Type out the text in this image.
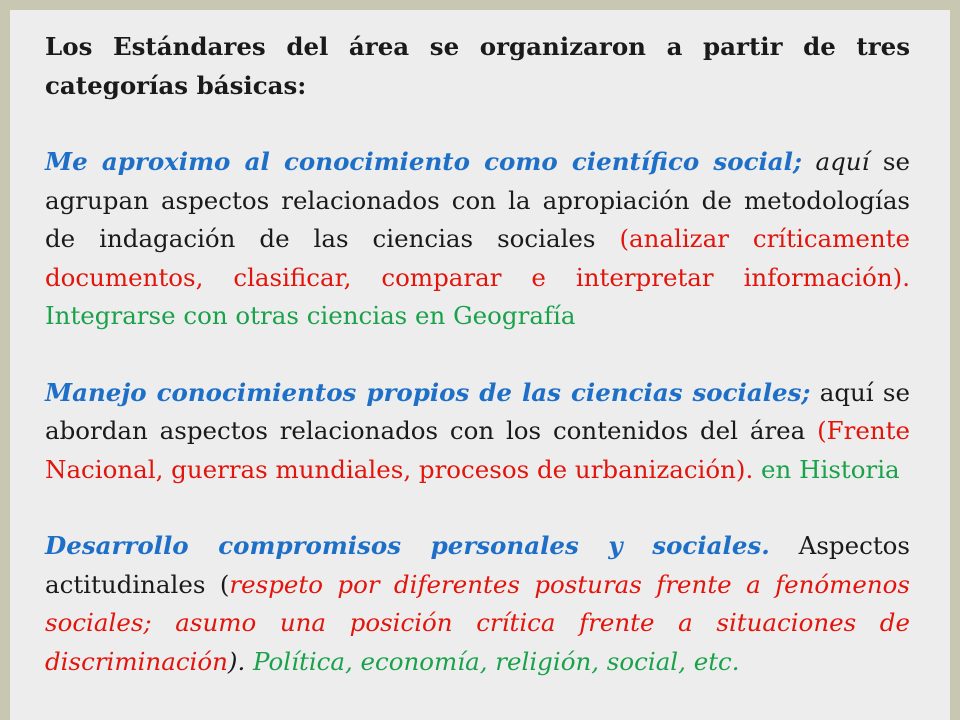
Los Estándares del área se organizaron a partir de tres categorías básicas:

Me aproximo al conocimiento como científico social; aquí se agrupan aspectos relacionados con la apropiación de metodologías de indagación de las ciencias sociales (analizar críticamente documentos, clasificar, comparar e interpretar información). Integrarse con otras ciencias en Geografía

Manejo conocimientos propios de las ciencias sociales; aquí se abordan aspectos relacionados con los contenidos del área (Frente Nacional, guerras mundiales, procesos de urbanización). en Historia

Desarrollo compromisos personales y sociales. Aspectos actitudinales (respeto por diferentes posturas frente a fenómenos sociales; asumo una posición crítica frente a situaciones de discriminación). Política, economía, religión, social, etc.
